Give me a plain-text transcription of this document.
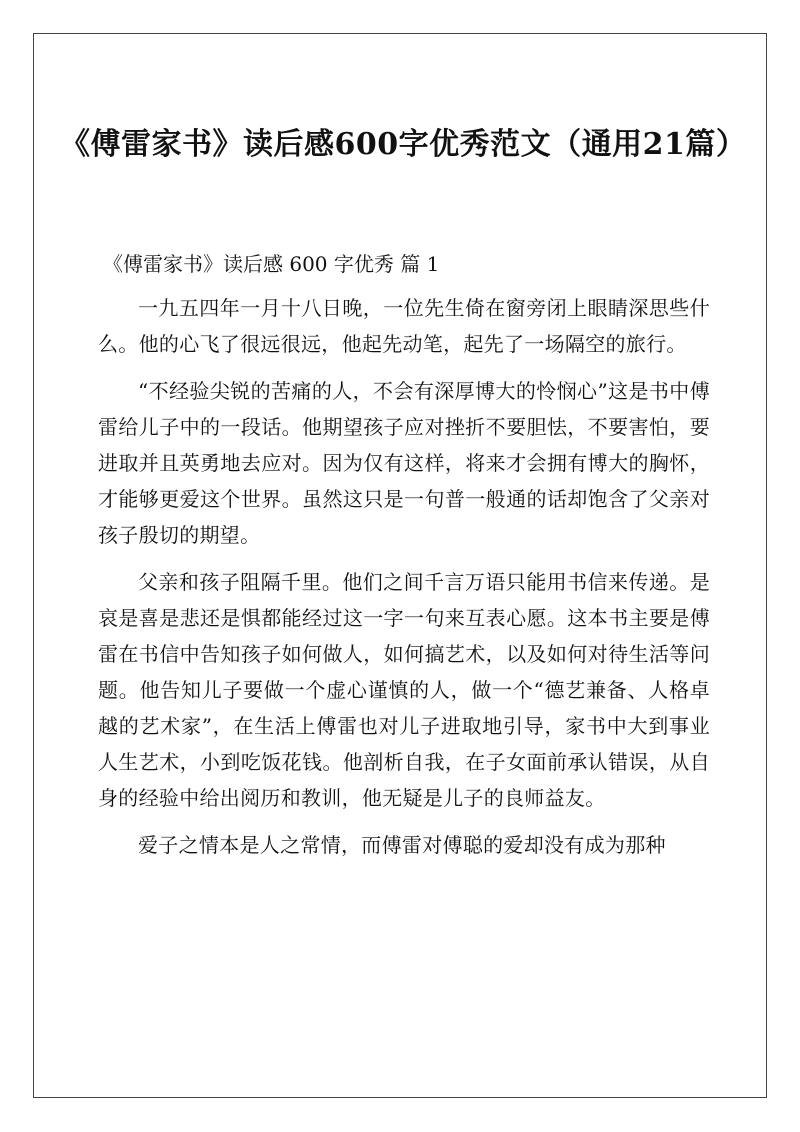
《傅雷家书》读后感600字优秀范文（通用21篇）
《傅雷家书》读后感 600 字优秀 篇 1

一九五四年一月十八日晚，一位先生倚在窗旁闭上眼睛深思些什么。他的心飞了很远很远，他起先动笔，起先了一场隔空的旅行。

“不经验尖锐的苦痛的人，不会有深厚博大的怜悯心”这是书中傅雷给儿子中的一段话。他期望孩子应对挫折不要胆怯，不要害怕，要进取并且英勇地去应对。因为仅有这样，将来才会拥有博大的胸怀，才能够更爱这个世界。虽然这只是一句普一般通的话却饱含了父亲对孩子殷切的期望。

父亲和孩子阻隔千里。他们之间千言万语只能用书信来传递。是哀是喜是悲还是惧都能经过这一字一句来互表心愿。这本书主要是傅雷在书信中告知孩子如何做人，如何搞艺术，以及如何对待生活等问题。他告知儿子要做一个虚心谨慎的人，做一个“德艺兼备、人格卓越的艺术家”，在生活上傅雷也对儿子进取地引导，家书中大到事业人生艺术，小到吃饭花钱。他剖析自我，在子女面前承认错误，从自身的经验中给出阅历和教训，他无疑是儿子的良师益友。

爱子之情本是人之常情，而傅雷对傅聪的爱却没有成为那种
